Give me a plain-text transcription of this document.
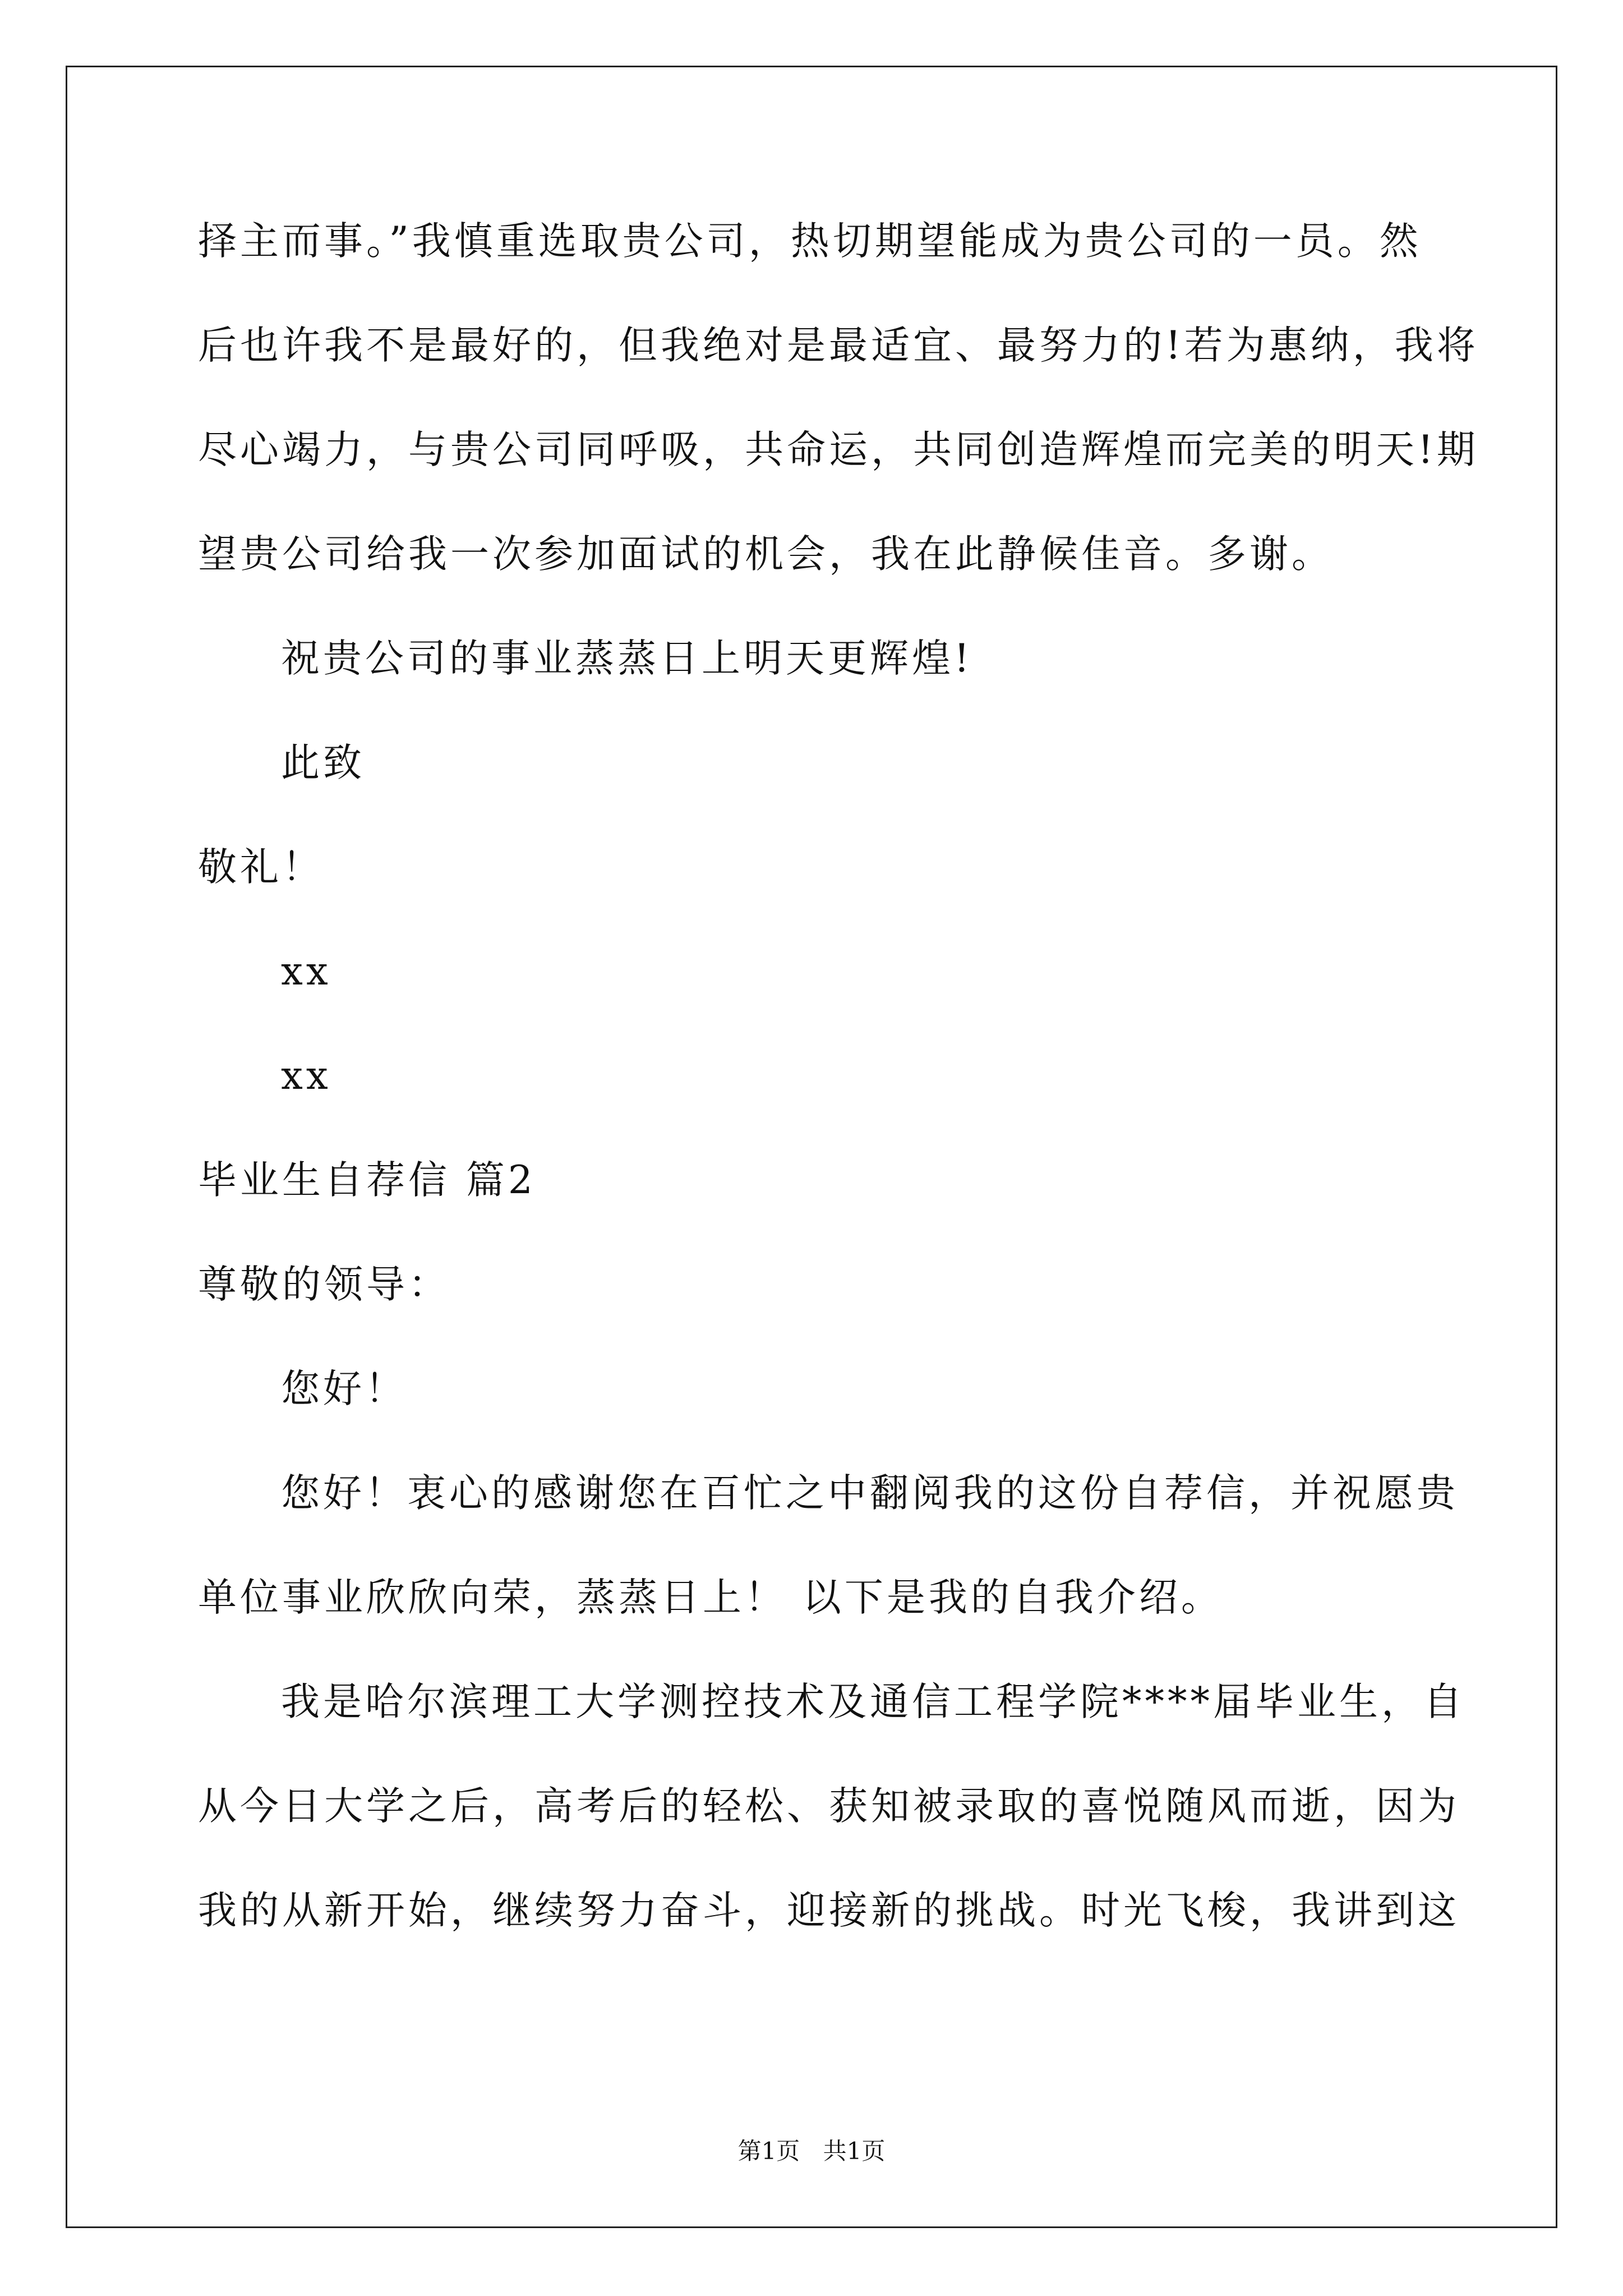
择主而事。”我慎重选取贵公司，热切期望能成为贵公司的一员。然
后也许我不是最好的，但我绝对是最适宜、最努力的!若为惠纳，我将
尽心竭力，与贵公司同呼吸，共命运，共同创造辉煌而完美的明天!期
望贵公司给我一次参加面试的机会，我在此静候佳音。多谢。
祝贵公司的事业蒸蒸日上明天更辉煌!
此致
敬礼！
xx
xx
毕业生自荐信 篇2
尊敬的领导：
您好！
您好！衷心的感谢您在百忙之中翻阅我的这份自荐信，并祝愿贵
单位事业欣欣向荣，蒸蒸日上！ 以下是我的自我介绍。
我是哈尔滨理工大学测控技术及通信工程学院****届毕业生，自
从今日大学之后，高考后的轻松、获知被录取的喜悦随风而逝，因为
我的从新开始，继续努力奋斗，迎接新的挑战。时光飞梭，我讲到这
第1页 共1页
